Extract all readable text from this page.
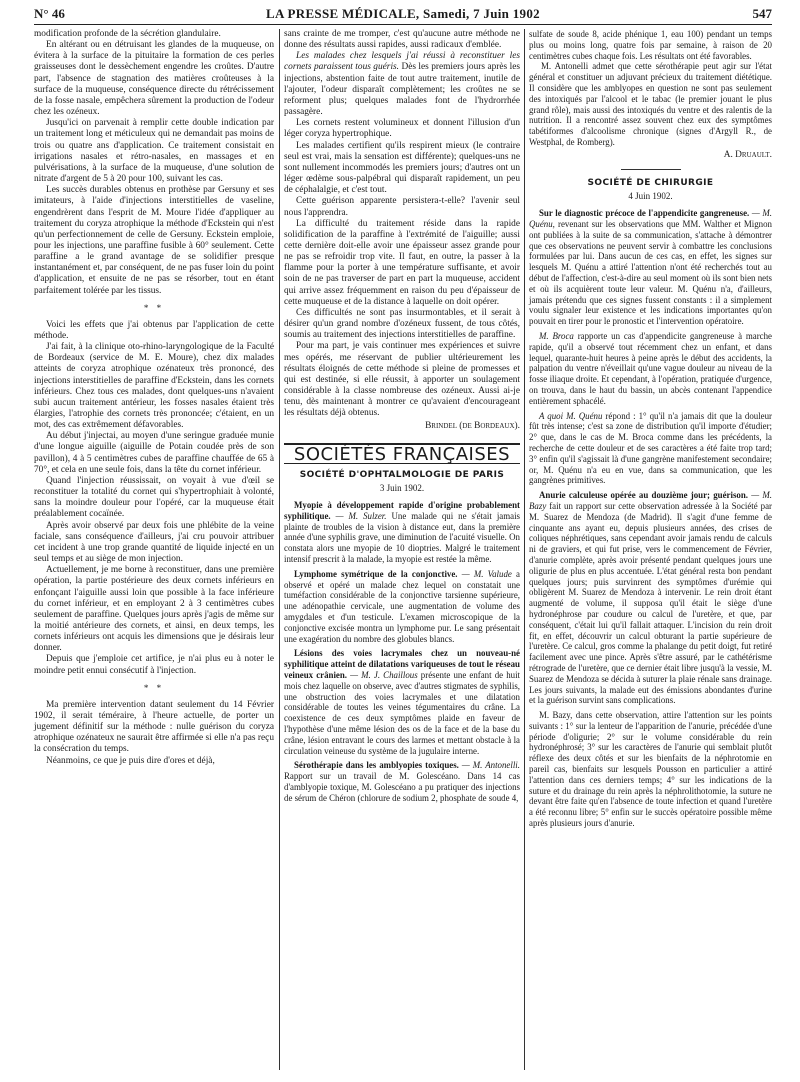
N° 46	LA PRESSE MÉDICALE, Samedi, 7 Juin 1902	547

modification profonde de la sécrétion glandulaire.

En altérant ou en détruisant les glandes de la muqueuse, on évitera à la surface de la pituitaire la formation de ces perles graisseuses dont le dessèchement engendre les croûtes. D'autre part, l'absence de stagnation des matières croûteuses à la surface de la muqueuse, conséquence directe du rétrécissement de la fosse nasale, empêchera sûrement la production de l'odeur chez les ozéneux.

Jusqu'ici on parvenait à remplir cette double indication par un traitement long et méticuleux qui ne demandait pas moins de trois ou quatre ans d'application. Ce traitement consistait en irrigations nasales et rétro-nasales, en massages et en pulvérisations, à la surface de la muqueuse, d'une solution de nitrate d'argent de 5 à 20 pour 100, suivant les cas.

Les succès durables obtenus en prothèse par Gersuny et ses imitateurs, à l'aide d'injections interstitielles de vaseline, engendrèrent dans l'esprit de M. Moure l'idée d'appliquer au traitement du coryza atrophique la méthode d'Eckstein qui n'est qu'un perfectionnement de celle de Gersuny. Eckstein emploie, pour les injections, une paraffine fusible à 60° seulement. Cette paraffine a le grand avantage de se solidifier presque instantanément et, par conséquent, de ne pas fuser loin du point d'application, et ensuite de ne pas se résorber, tout en étant parfaitement tolérée par les tissus.

* *

Voici les effets que j'ai obtenus par l'application de cette méthode.

J'ai fait, à la clinique oto-rhino-laryngologique de la Faculté de Bordeaux (service de M. E. Moure), chez dix malades atteints de coryza atrophique ozénateux très prononcé, des injections interstitielles de paraffine d'Eckstein, dans les cornets inférieurs. Chez tous ces malades, dont quelques-uns n'avaient subi aucun traitement antérieur, les fosses nasales étaient très élargies, l'atrophie des cornets très prononcée; c'étaient, en un mot, des cas extrêmement défavorables.

Au début j'injectai, au moyen d'une seringue graduée munie d'une longue aiguille (aiguille de Potain coudée près de son pavillon), 4 à 5 centimètres cubes de paraffine chauffée de 65 à 70°, et cela en une seule fois, dans la tête du cornet inférieur.

Quand l'injection réussissait, on voyait à vue d'œil se reconstituer la totalité du cornet qui s'hypertrophiait à volonté, sans la moindre douleur pour l'opéré, car la muqueuse était préalablement cocaïnée.

Après avoir observé par deux fois une phlébite de la veine faciale, sans conséquence d'ailleurs, j'ai cru pouvoir attribuer cet incident à une trop grande quantité de liquide injecté en un seul temps et au siège de mon injection.

Actuellement, je me borne à reconstituer, dans une première opération, la partie postérieure des deux cornets inférieurs en enfonçant l'aiguille aussi loin que possible à la face inférieure du cornet inférieur, et en employant 2 à 3 centimètres cubes seulement de paraffine. Quelques jours après j'agis de même sur la moitié antérieure des cornets, et ainsi, en deux temps, les cornets inférieurs ont acquis les dimensions que je désirais leur donner.

Depuis que j'emploie cet artifice, je n'ai plus eu à noter le moindre petit ennui consécutif à l'injection.

* *

Ma première intervention datant seulement du 14 Février 1902, il serait téméraire, à l'heure actuelle, de porter un jugement définitif sur la méthode : nulle guérison du coryza atrophique ozénateux ne saurait être affirmée si elle n'a pas reçu la consécration du temps.

Néanmoins, ce que je puis dire d'ores et déjà,

sans crainte de me tromper, c'est qu'aucune autre méthode ne donne des résultats aussi rapides, aussi radicaux d'emblée.

Les malades chez lesquels j'ai réussi à reconstituer les cornets paraissent tous guéris. Dès les premiers jours après les injections, abstention faite de tout autre traitement, inutile de l'ajouter, l'odeur disparaît complètement; les croûtes ne se reforment plus; quelques malades font de l'hydrorrhée passagère.

Les cornets restent volumineux et donnent l'illusion d'un léger coryza hypertrophique.

Les malades certifient qu'ils respirent mieux (le contraire seul est vrai, mais la sensation est différente); quelques-uns ne sont nullement incommodés les premiers jours; d'autres ont un léger œdème sous-palpébral qui disparaît rapidement, un peu de céphalalgie, et c'est tout.

Cette guérison apparente persistera-t-elle? l'avenir seul nous l'apprendra.

La difficulté du traitement réside dans la rapide solidification de la paraffine à l'extrémité de l'aiguille; aussi cette dernière doit-elle avoir une épaisseur assez grande pour ne pas se refroidir trop vite. Il faut, en outre, la passer à la flamme pour la porter à une température suffisante, et avoir soin de ne pas traverser de part en part la muqueuse, accident qui arrive assez fréquemment en raison du peu d'épaisseur de cette muqueuse et de la distance à laquelle on doit opérer.

Ces difficultés ne sont pas insurmontables, et il serait à désirer qu'un grand nombre d'ozéneux fussent, de tous côtés, soumis au traitement des injections interstitielles de paraffine.

Pour ma part, je vais continuer mes expériences et suivre mes opérés, me réservant de publier ultérieurement les résultats éloignés de cette méthode si pleine de promesses et qui est destinée, si elle réussit, à apporter un soulagement considérable à la classe nombreuse des ozéneux. Aussi ai-je tenu, dès maintenant à montrer ce qu'avaient d'encourageant les résultats déjà obtenus.

Brindel (de Bordeaux).
SOCIÉTÉS FRANÇAISES
SOCIÉTÉ D'OPHTALMOLOGIE DE PARIS
3 Juin 1902.

Myopie à développement rapide d'origine probablement syphilitique. — M. Sulzer. Une malade qui ne s'était jamais plainte de troubles de la vision à distance eut, dans la première année d'une syphilis grave, une diminution de l'acuité visuelle. On constata alors une myopie de 10 dioptries. Malgré le traitement intensif prescrit à la malade, la myopie est restée la même.

Lymphome symétrique de la conjonctive. — M. Valude a observé et opéré un malade chez lequel on constatait une tuméfaction considérable de la conjonctive tarsienne supérieure, une adénopathie cervicale, une augmentation de volume des amygdales et d'un testicule. L'examen microscopique de la conjonctive excisée montra un lymphome pur. Le sang présentait une exagération du nombre des globules blancs.

Lésions des voies lacrymales chez un nouveau-né syphilitique atteint de dilatations variqueuses de tout le réseau veineux crânien. — M. J. Chaillous présente une enfant de huit mois chez laquelle on observe, avec d'autres stigmates de syphilis, une obstruction des voies lacrymales et une dilatation considérable de toutes les veines tégumentaires du crâne. La coexistence de ces deux symptômes plaide en faveur de l'hypothèse d'une même lésion des os de la face et de la base du crâne, lésion entravant le cours des larmes et mettant obstacle à la circulation veineuse du système de la jugulaire interne.

Sérothérapie dans les amblyopies toxiques. — M. Antonelli. Rapport sur un travail de M. Golescéano. Dans 14 cas d'amblyopie toxique, M. Golescéano a pu pratiquer des injections de sérum de Chéron (chlorure de sodium 2, phosphate de soude 4,

sulfate de soude 8, acide phénique 1, eau 100) pendant un temps plus ou moins long, quatre fois par semaine, à raison de 20 centimètres cubes chaque fois. Les résultats ont été favorables.

M. Antonelli admet que cette sérothérapie peut agir sur l'état général et constituer un adjuvant précieux du traitement diététique. Il considère que les amblyopes en question ne sont pas seulement des intoxiqués par l'alcool et le tabac (le premier jouant le plus grand rôle), mais aussi des intoxiqués du ventre et des ralentis de la nutrition. Il a rencontré assez souvent chez eux des symptômes tabétiformes d'alcoolisme chronique (signes d'Argyll R., de Westphal, de Romberg).

A. Druault.
SOCIÉTÉ DE CHIRURGIE
4 Juin 1902.

Sur le diagnostic précoce de l'appendicite gangreneuse. — M. Quénu, revenant sur les observations que MM. Walther et Mignon ont publiées à la suite de sa communication, s'attache à démontrer que ces observations ne peuvent servir à combattre les conclusions formulées par lui. Dans aucun de ces cas, en effet, les signes sur lesquels M. Quénu a attiré l'attention n'ont été recherchés tout au début de l'affection, c'est-à-dire au seul moment où ils sont bien nets et où ils acquièrent toute leur valeur. M. Quénu n'a, d'ailleurs, jamais prétendu que ces signes fussent constants : il a simplement voulu signaler leur existence et les indications importantes qu'on pouvait en tirer pour le pronostic et l'intervention opératoire.

M. Broca rapporte un cas d'appendicite gangreneuse à marche rapide, qu'il a observé tout récemment chez un enfant, et dans lequel, quarante-huit heures à peine après le début des accidents, la palpation du ventre n'éveillait qu'une vague douleur au niveau de la fosse iliaque droite. Et cependant, à l'opération, pratiquée d'urgence, on trouva, dans le haut du bassin, un abcès contenant l'appendice entièrement sphacélé.

A quoi M. Quénu répond : 1° qu'il n'a jamais dit que la douleur fût très intense; c'est sa zone de distribution qu'il importe d'étudier; 2° que, dans le cas de M. Broca comme dans les précédents, la recherche de cette douleur et de ses caractères a été faite trop tard; 3° enfin qu'il s'agissait là d'une gangrène manifestement secondaire; or, M. Quénu n'a eu en vue, dans sa communication, que les gangrènes primitives.

Anurie calculeuse opérée au douzième jour; guérison. — M. Bazy fait un rapport sur cette observation adressée à la Société par M. Suarez de Mendoza (de Madrid). Il s'agit d'une femme de cinquante ans ayant eu, depuis plusieurs années, des crises de coliques néphrétiques, sans cependant avoir jamais rendu de calculs ni de graviers, et qui fut prise, vers le commencement de Février, d'anurie complète, après avoir présenté pendant quelques jours une oligurie de plus en plus accentuée. L'état général resta bon pendant quelques jours; puis survinrent des symptômes d'urémie qui obligèrent M. Suarez de Mendoza à intervenir. Le rein droit étant augmenté de volume, il supposa qu'il était le siège d'une hydronéphrose par coudure ou calcul de l'uretère, et que, par conséquent, c'était lui qu'il fallait attaquer. L'incision du rein droit fit, en effet, découvrir un calcul obturant la partie supérieure de l'uretère. Ce calcul, gros comme la phalange du petit doigt, fut retiré facilement avec une pince. Après s'être assuré, par le cathétérisme rétrograde de l'uretère, que ce dernier était libre jusqu'à la vessie, M. Suarez de Mendoza se décida à suturer la plaie rénale sans drainage. Les jours suivants, la malade eut des émissions abondantes d'urine et la guérison survint sans complications.

M. Bazy, dans cette observation, attire l'attention sur les points suivants : 1° sur la lenteur de l'apparition de l'anurie, précédée d'une période d'oligurie; 2° sur le volume considérable du rein hydronéphrosé; 3° sur les caractères de l'anurie qui semblait plutôt réflexe des deux côtés et sur les bienfaits de la néphrotomie en pareil cas, bienfaits sur lesquels Pousson en particulier a attiré l'attention dans ces derniers temps; 4° sur les indications de la suture et du drainage du rein après la néphrolithotomie, la suture ne devant être faite qu'en l'absence de toute infection et quand l'uretère a été reconnu libre; 5° enfin sur le succès opératoire possible même après plusieurs jours d'anurie.
